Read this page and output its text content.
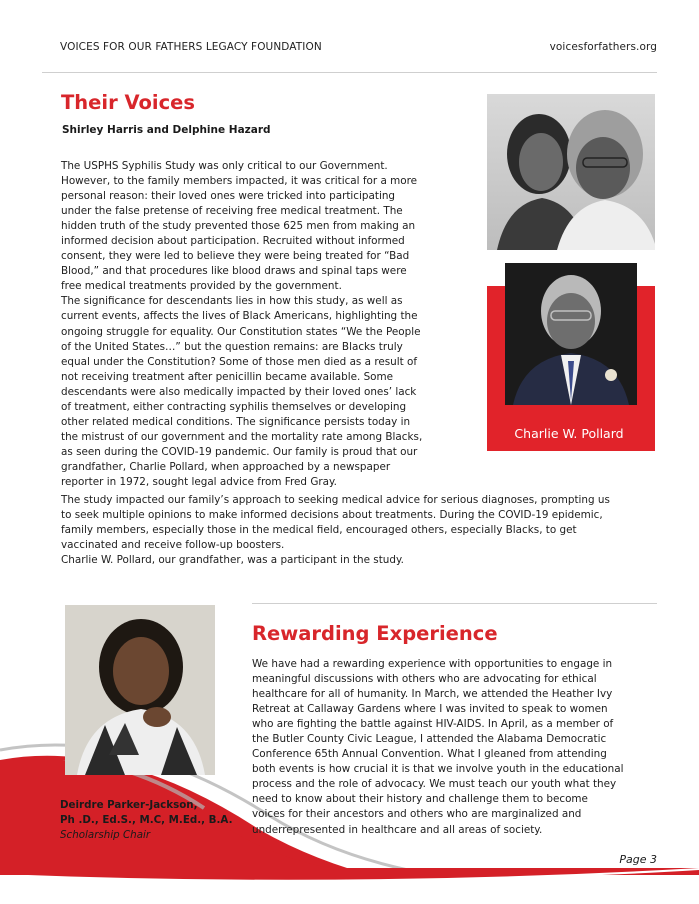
VOICES FOR OUR FATHERS LEGACY FOUNDATION	voicesforfathers.org
Their Voices
Shirley Harris and Delphine Hazard
The USPHS Syphilis Study was only critical to our Government.
However, to the family members impacted, it was critical for a more
personal reason: their loved ones were tricked into participating
under the false pretense of receiving free medical treatment. The
hidden truth of the study prevented those 625 men from making an
informed decision about participation. Recruited without informed
consent, they were led to believe they were being treated for “Bad
Blood,” and that procedures like blood draws and spinal taps were
free medical treatments provided by the government.
The significance for descendants lies in how this study, as well as
current events, affects the lives of Black Americans, highlighting the
ongoing struggle for equality. Our Constitution states “We the People
of the United States…” but the question remains: are Blacks truly
equal under the Constitution? Some of those men died as a result of
not receiving treatment after penicillin became available. Some
descendants were also medically impacted by their loved ones’ lack
of treatment, either contracting syphilis themselves or developing
other related medical conditions. The significance persists today in
the mistrust of our government and the mortality rate among Blacks,
as seen during the COVID-19 pandemic. Our family is proud that our
grandfather, Charlie Pollard, when approached by a newspaper
reporter in 1972, sought legal advice from Fred Gray.
The study impacted our family’s approach to seeking medical advice for serious diagnoses, prompting us
to seek multiple opinions to make informed decisions about treatments. During the COVID-19 epidemic,
family members, especially those in the medical field, encouraged others, especially Blacks, to get
vaccinated and receive follow-up boosters.
Charlie W. Pollard, our grandfather, was a participant in the study.
Charlie W. Pollard
Rewarding Experience
We have had a rewarding experience with opportunities to engage in
meaningful discussions with others who are advocating for ethical
healthcare for all of humanity. In March, we attended the Heather Ivy
Retreat at Callaway Gardens where I was invited to speak to women
who are fighting the battle against HIV-AIDS. In April, as a member of
the Butler County Civic League, I attended the Alabama Democratic
Conference 65th Annual Convention. What I gleaned from attending
both events is how crucial it is that we involve youth in the educational
process and the role of advocacy. We must teach our youth what they
need to know about their history and challenge them to become
voices for their ancestors and others who are marginalized and
underrepresented in healthcare and all areas of society.
Deirdre Parker-Jackson,
Ph .D., Ed.S., M.C, M.Ed., B.A.
Scholarship Chair
Page 3
